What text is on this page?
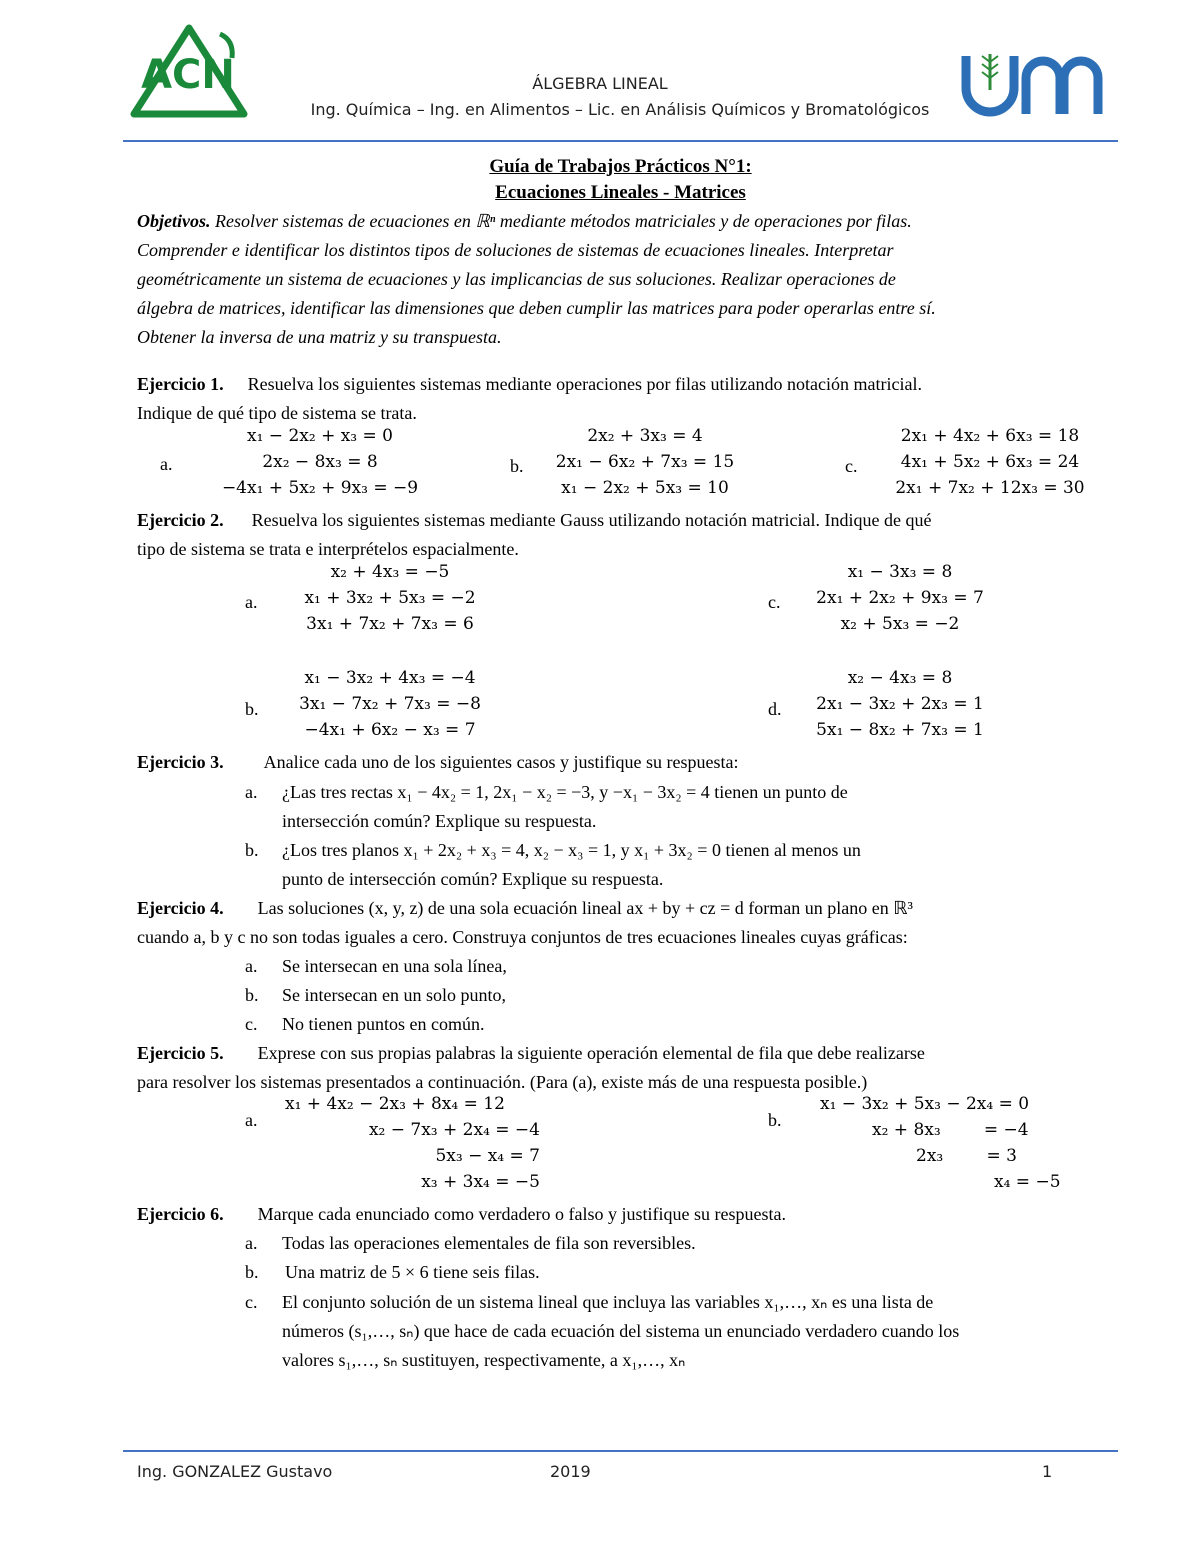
ACN	ÁLGEBRA LINEAL
Ing. Química – Ing. en Alimentos – Lic. en Análisis Químicos y Bromatológicos
Guía de Trabajos Prácticos N°1:
Ecuaciones Lineales - Matrices
Objetivos. Resolver sistemas de ecuaciones en ℝⁿ mediante métodos matriciales y de operaciones por filas.
Comprender e identificar los distintos tipos de soluciones de sistemas de ecuaciones lineales. Interpretar
geométricamente un sistema de ecuaciones y las implicancias de sus soluciones. Realizar operaciones de
álgebra de matrices, identificar las dimensiones que deben cumplir las matrices para poder operarlas entre sí.
Obtener la inversa de una matriz y su transpuesta.
Ejercicio 1. Resuelva los siguientes sistemas mediante operaciones por filas utilizando notación matricial.
Indique de qué tipo de sistema se trata.
a.
x₁ − 2x₂ + x₃ = 0
2x₂ − 8x₃ = 8
−4x₁ + 5x₂ + 9x₃ = −9
b.
2x₂ + 3x₃ = 4
2x₁ − 6x₂ + 7x₃ = 15
x₁ − 2x₂ + 5x₃ = 10
c.
2x₁ + 4x₂ + 6x₃ = 18
4x₁ + 5x₂ + 6x₃ = 24
2x₁ + 7x₂ + 12x₃ = 30
Ejercicio 2. Resuelva los siguientes sistemas mediante Gauss utilizando notación matricial. Indique de qué
tipo de sistema se trata e interprételos espacialmente.
a.
x₂ + 4x₃ = −5
x₁ + 3x₂ + 5x₃ = −2
3x₁ + 7x₂ + 7x₃ = 6
c.
x₁ − 3x₃ = 8
2x₁ + 2x₂ + 9x₃ = 7
x₂ + 5x₃ = −2
b.
x₁ − 3x₂ + 4x₃ = −4
3x₁ − 7x₂ + 7x₃ = −8
−4x₁ + 6x₂ − x₃ = 7
d.
x₂ − 4x₃ = 8
2x₁ − 3x₂ + 2x₃ = 1
5x₁ − 8x₂ + 7x₃ = 1
Ejercicio 3. Analice cada uno de los siguientes casos y justifique su respuesta:
a. ¿Las tres rectas x₁ − 4x₂ = 1, 2x₁ − x₂ = −3, y −x₁ − 3x₂ = 4 tienen un punto de
intersección común? Explique su respuesta.
b. ¿Los tres planos x₁ + 2x₂ + x₃ = 4, x₂ − x₃ = 1, y x₁ + 3x₂ = 0 tienen al menos un
punto de intersección común? Explique su respuesta.
Ejercicio 4. Las soluciones (x, y, z) de una sola ecuación lineal ax + by + cz = d forman un plano en ℝ³
cuando a, b y c no son todas iguales a cero. Construya conjuntos de tres ecuaciones lineales cuyas gráficas:
a. Se intersecan en una sola línea,
b. Se intersecan en un solo punto,
c. No tienen puntos en común.
Ejercicio 5. Exprese con sus propias palabras la siguiente operación elemental de fila que debe realizarse
para resolver los sistemas presentados a continuación. (Para (a), existe más de una respuesta posible.)
a.
x₁ + 4x₂ − 2x₃ + 8x₄ = 12
x₂ − 7x₃ + 2x₄ = −4
5x₃ − x₄ = 7
x₃ + 3x₄ = −5
b.
x₁ − 3x₂ + 5x₃ − 2x₄ = 0
x₂ + 8x₃        = −4
2x₃        = 3
x₄ = −5
Ejercicio 6. Marque cada enunciado como verdadero o falso y justifique su respuesta.
a. Todas las operaciones elementales de fila son reversibles.
b. Una matriz de 5 × 6 tiene seis filas.
c. El conjunto solución de un sistema lineal que incluya las variables x₁,…, xₙ es una lista de
números (s₁,…, sₙ) que hace de cada ecuación del sistema un enunciado verdadero cuando los
valores s₁,…, sₙ sustituyen, respectivamente, a x₁,…, xₙ
Ing. GONZALEZ Gustavo	2019	1
